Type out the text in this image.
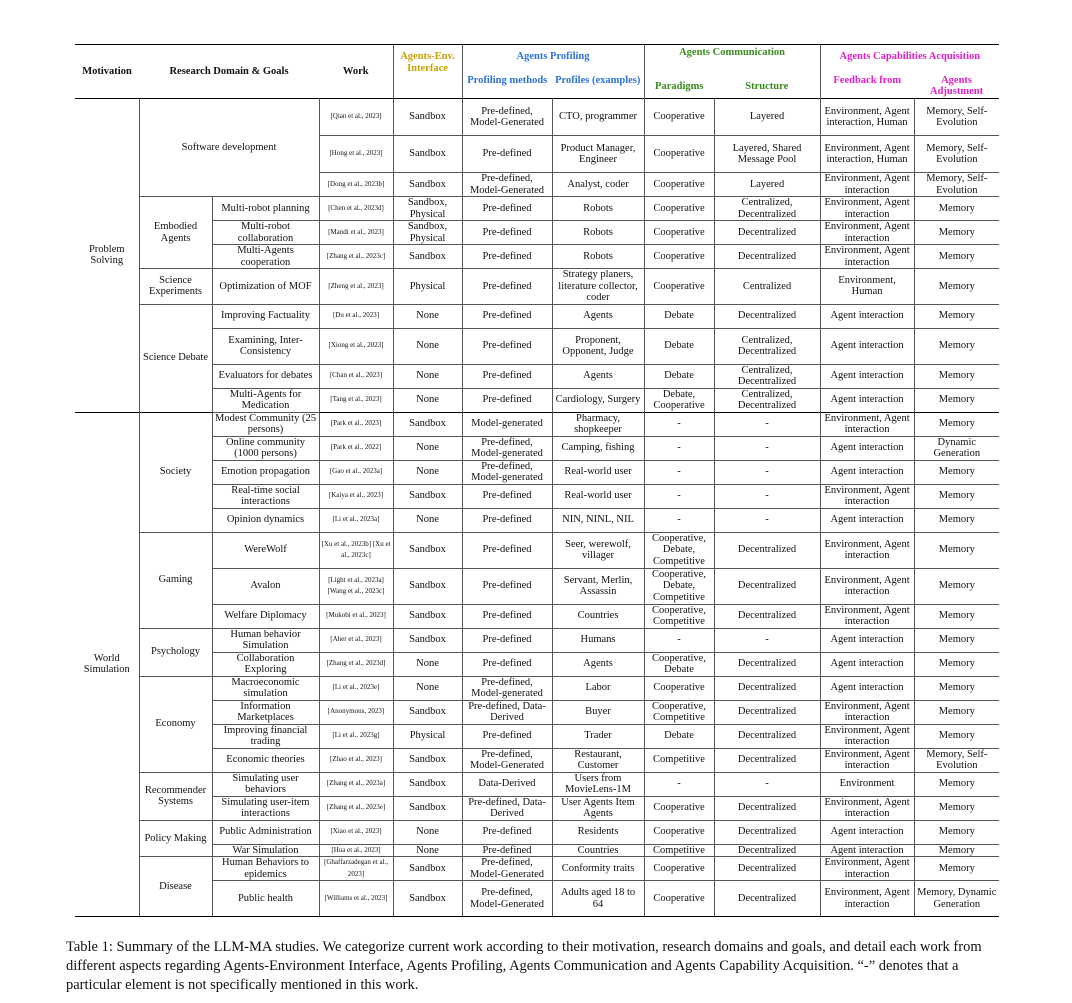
Motivation	Research Domain & Goals		Work	Agents-Env. Interface	Agents Profiling		Agents Communication		Agents Capabilities Acquisition	
					Profiling methods	Profiles (examples)	Paradigms	Structure	Feedback from	Agents Adjustment
Problem Solving	Software development		[Qian et al., 2023]	Sandbox	Pre-defined, Model-Generated	CTO, programmer	Cooperative	Layered	Environment, Agent interaction, Human	Memory, Self-Evolution
			[Hong et al., 2023]	Sandbox	Pre-defined	Product Manager, Engineer	Cooperative	Layered, Shared Message Pool	Environment, Agent interaction, Human	Memory, Self-Evolution
			[Dong et al., 2023b]	Sandbox	Pre-defined, Model-Generated	Analyst, coder	Cooperative	Layered	Environment, Agent interaction	Memory, Self-Evolution
	Embodied Agents	Multi-robot planning	[Chen et al., 2023d]	Sandbox, Physical	Pre-defined	Robots	Cooperative	Centralized, Decentralized	Environment, Agent interaction	Memory
		Multi-robot collaboration	[Mandi et al., 2023]	Sandbox, Physical	Pre-defined	Robots	Cooperative	Decentralized	Environment, Agent interaction	Memory
		Multi-Agents cooperation	[Zhang et al., 2023c]	Sandbox	Pre-defined	Robots	Cooperative	Decentralized	Environment, Agent interaction	Memory
	Science Experiments	Optimization of MOF	[Zheng et al., 2023]	Physical	Pre-defined	Strategy planers, literature collector, coder	Cooperative	Centralized	Environment, Human	Memory
	Science Debate	Improving Factuality	[Du et al., 2023]	None	Pre-defined	Agents	Debate	Decentralized	Agent interaction	Memory
		Examining, Inter-Consistency	[Xiong et al., 2023]	None	Pre-defined	Proponent, Opponent, Judge	Debate	Centralized, Decentralized	Agent interaction	Memory
		Evaluators for debates	[Chan et al., 2023]	None	Pre-defined	Agents	Debate	Centralized, Decentralized	Agent interaction	Memory
		Multi-Agents for Medication	[Tang et al., 2023]	None	Pre-defined	Cardiology, Surgery	Debate, Cooperative	Centralized, Decentralized	Agent interaction	Memory
World Simulation	Society	Modest Community (25 persons)	[Park et al., 2023]	Sandbox	Model-generated	Pharmacy, shopkeeper	-	-	Environment, Agent interaction	Memory
		Online community (1000 persons)	[Park et al., 2022]	None	Pre-defined, Model-generated	Camping, fishing	-	-	Agent interaction	Dynamic Generation
		Emotion propagation	[Gao et al., 2023a]	None	Pre-defined, Model-generated	Real-world user	-	-	Agent interaction	Memory
		Real-time social interactions	[Kaiya et al., 2023]	Sandbox	Pre-defined	Real-world user	-	-	Environment, Agent interaction	Memory
		Opinion dynamics	[Li et al., 2023a]	None	Pre-defined	NIN, NINL, NIL	-	-	Agent interaction	Memory
	Gaming	WereWolf	[Xu et al., 2023b] [Xu et al., 2023c]	Sandbox	Pre-defined	Seer, werewolf, villager	Cooperative, Debate, Competitive	Decentralized	Environment, Agent interaction	Memory
		Avalon	[Light et al., 2023a] [Wang et al., 2023c]	Sandbox	Pre-defined	Servant, Merlin, Assassin	Cooperative, Debate, Competitive	Decentralized	Environment, Agent interaction	Memory
		Welfare Diplomacy	[Mukobi et al., 2023]	Sandbox	Pre-defined	Countries	Cooperative, Competitive	Decentralized	Environment, Agent interaction	Memory
	Psychology	Human behavior Simulation	[Aher et al., 2023]	Sandbox	Pre-defined	Humans	-	-	Agent interaction	Memory
		Collaboration Exploring	[Zhang et al., 2023d]	None	Pre-defined	Agents	Cooperative, Debate	Decentralized	Agent interaction	Memory
	Economy	Macroeconomic simulation	[Li et al., 2023e]	None	Pre-defined, Model-generated	Labor	Cooperative	Decentralized	Agent interaction	Memory
		Information Marketplaces	[Anonymous, 2023]	Sandbox	Pre-defined, Data-Derived	Buyer	Cooperative, Competitive	Decentralized	Environment, Agent interaction	Memory
		Improving financial trading	[Li et al., 2023g]	Physical	Pre-defined	Trader	Debate	Decentralized	Environment, Agent interaction	Memory
		Economic theories	[Zhao et al., 2023]	Sandbox	Pre-defined, Model-Generated	Restaurant, Customer	Competitive	Decentralized	Environment, Agent interaction	Memory, Self-Evolution
	Recommender Systems	Simulating user behaviors	[Zhang et al., 2023a]	Sandbox	Data-Derived	Users from MovieLens-1M	-	-	Environment	Memory
		Simulating user-item interactions	[Zhang et al., 2023e]	Sandbox	Pre-defined, Data-Derived	User Agents Item Agents	Cooperative	Decentralized	Environment, Agent interaction	Memory
	Policy Making	Public Administration	[Xiao et al., 2023]	None	Pre-defined	Residents	Cooperative	Decentralized	Agent interaction	Memory
		War Simulation	[Hua et al., 2023]	None	Pre-defined	Countries	Competitive	Decentralized	Agent interaction	Memory
	Disease	Human Behaviors to epidemics	[Ghaffarzadegan et al., 2023]	Sandbox	Pre-defined, Model-Generated	Conformity traits	Cooperative	Decentralized	Environment, Agent interaction	Memory
		Public health	[Williams et al., 2023]	Sandbox	Pre-defined, Model-Generated	Adults aged 18 to 64	Cooperative	Decentralized	Environment, Agent interaction	Memory, Dynamic Generation

Table 1: Summary of the LLM-MA studies. We categorize current work according to their motivation, research domains and goals, and detail each work from different aspects regarding Agents-Environment Interface, Agents Profiling, Agents Communication and Agents Capability Acquisition. “-” denotes that a particular element is not specifically mentioned in this work.
